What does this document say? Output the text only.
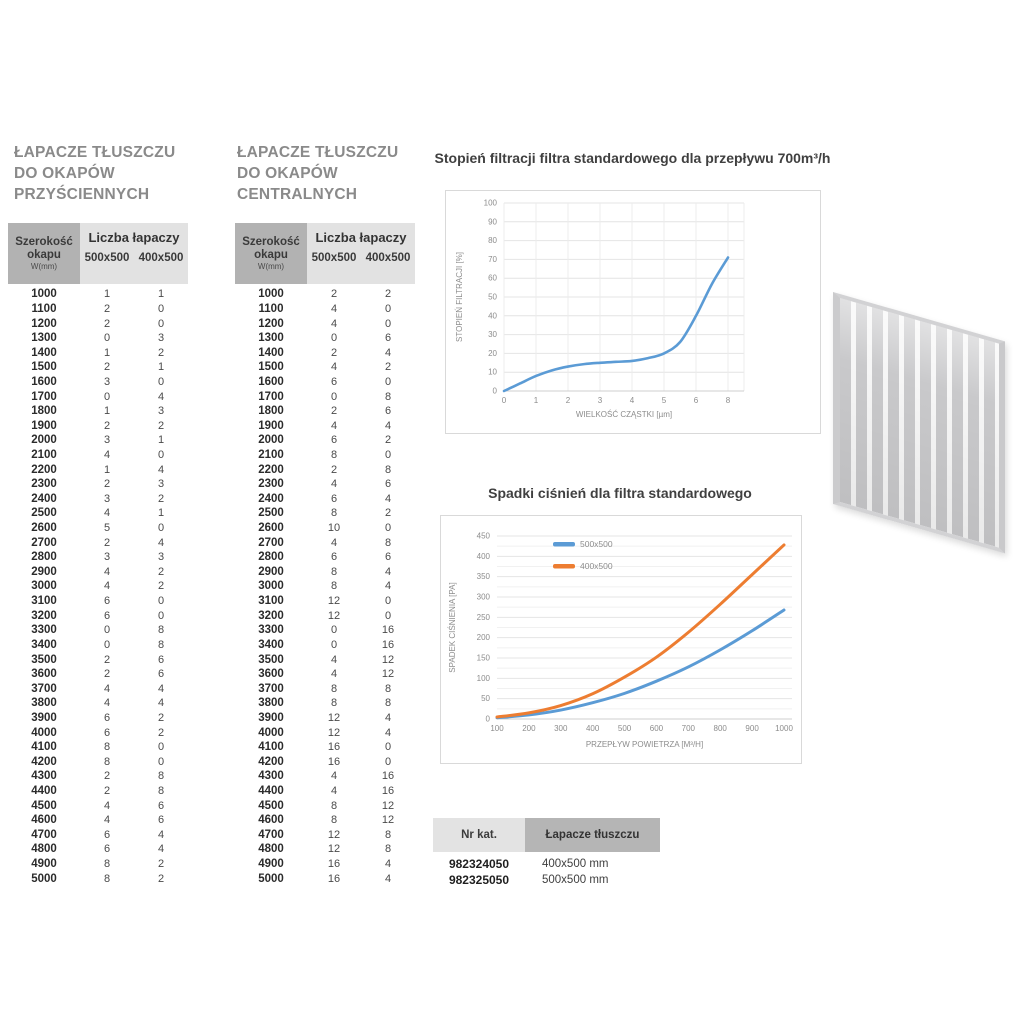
ŁAPACZE TŁUSZCZU
DO OKAPÓW
PRZYŚCIENNYCH
Szerokość
okapu
W(mm)
Liczba łapaczy
500x500 400x500
1000	1	1
1100	2	0
1200	2	0
1300	0	3
1400	1	2
1500	2	1
1600	3	0
1700	0	4
1800	1	3
1900	2	2
2000	3	1
2100	4	0
2200	1	4
2300	2	3
2400	3	2
2500	4	1
2600	5	0
2700	2	4
2800	3	3
2900	4	2
3000	4	2
3100	6	0
3200	6	0
3300	0	8
3400	0	8
3500	2	6
3600	2	6
3700	4	4
3800	4	4
3900	6	2
4000	6	2
4100	8	0
4200	8	0
4300	2	8
4400	2	8
4500	4	6
4600	4	6
4700	6	4
4800	6	4
4900	8	2
5000	8	2
ŁAPACZE TŁUSZCZU
DO OKAPÓW
CENTRALNYCH
Szerokość
okapu
W(mm)
Liczba łapaczy
500x500 400x500
1000	2	2
1100	4	0
1200	4	0
1300	0	6
1400	2	4
1500	4	2
1600	6	0
1700	0	8
1800	2	6
1900	4	4
2000	6	2
2100	8	0
2200	2	8
2300	4	6
2400	6	4
2500	8	2
2600	10	0
2700	4	8
2800	6	6
2900	8	4
3000	8	4
3100	12	0
3200	12	0
3300	0	16
3400	0	16
3500	4	12
3600	4	12
3700	8	8
3800	8	8
3900	12	4
4000	12	4
4100	16	0
4200	16	0
4300	4	16
4400	4	16
4500	8	12
4600	8	12
4700	12	8
4800	12	8
4900	16	4
5000	16	4
Stopień filtracji filtra standardowego dla przepływu 700m³/h
0
10
20
30
40
50
60
70
80
90
100
0	1	2	3	4	5	6	8
WIELKOŚĆ CZĄSTKI [µm]
STOPIEŃ FILTRACJI [%]
Spadki ciśnień dla filtra standardowego
0
50
100
150
200
250
300
350
400
450
100 200 300 400 500 600 700 800 900 1000
PRZEPŁYW POWIETRZA [M³/H]
SPADEK CIŚNIENIA [PA]
500x500
400x500
Nr kat.	Łapacze tłuszczu
982324050	400x500 mm
982325050	500x500 mm
